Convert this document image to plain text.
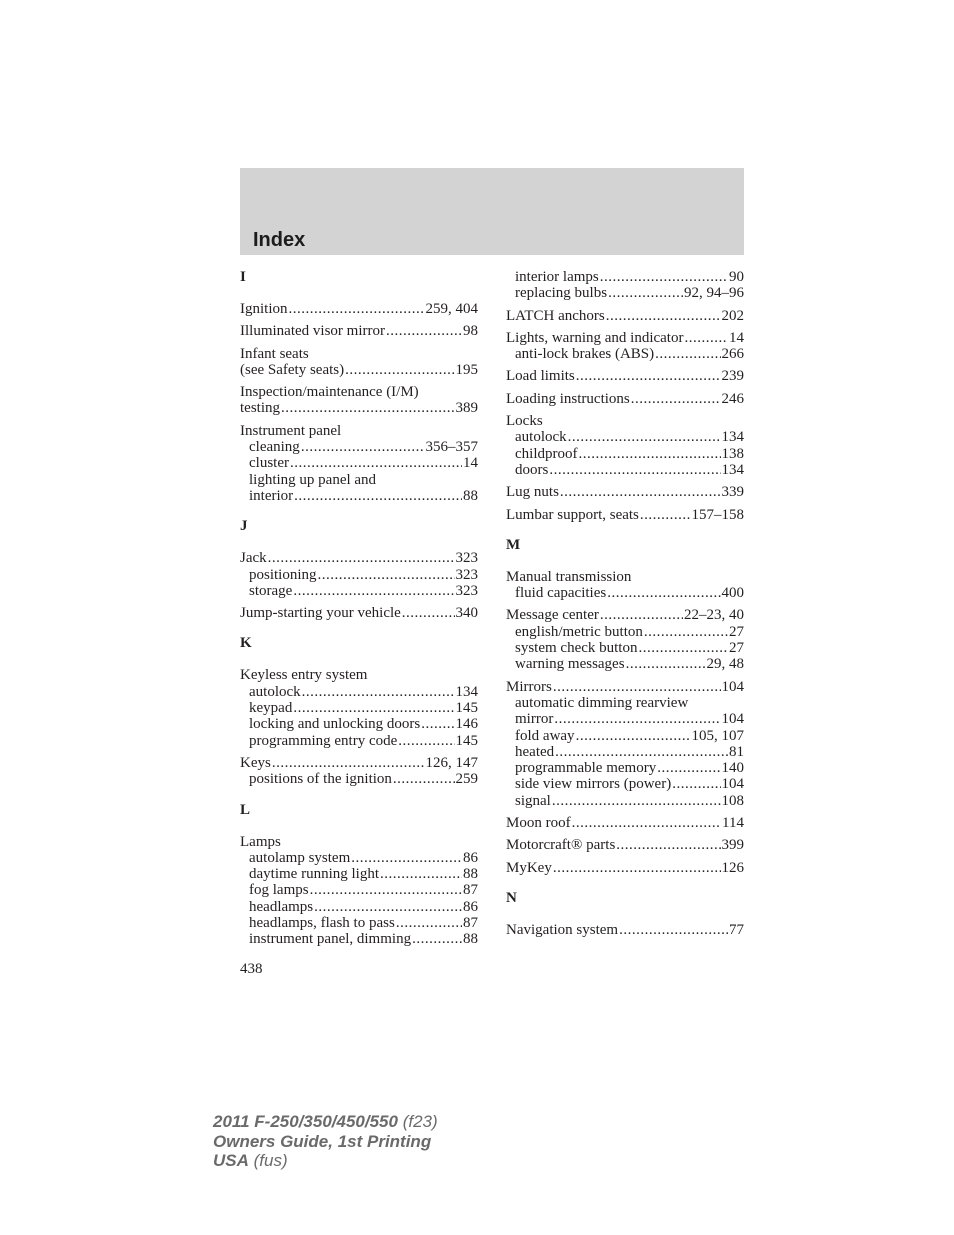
Index
I
Ignition .....	259, 404
Illuminated visor mirror .....	98
Infant seats
(see Safety seats) .....	195
Inspection/maintenance (I/M)
testing .....	389
Instrument panel
cleaning .....	356–357
cluster .....	14
lighting up panel and
interior .....	88
J
Jack .....	323
positioning .....	323
storage .....	323
Jump-starting your vehicle .....	340
K
Keyless entry system
autolock .....	134
keypad .....	145
locking and unlocking doors ..... 146
programming entry code .....	145
Keys .....	126, 147
positions of the ignition .....	259
L
Lamps
autolamp system .....	86
daytime running light .....	88
fog lamps .....	87
headlamps .....	86
headlamps, flash to pass .....	87
instrument panel, dimming .....	88
interior lamps .....	90
replacing bulbs .....	92, 94–96
LATCH anchors .....	202
Lights, warning and indicator .....	14
anti-lock brakes (ABS) .....	266
Load limits .....	239
Loading instructions .....	246
Locks
autolock .....	134
childproof .....	138
doors .....	134
Lug nuts .....	339
Lumbar support, seats .....	157–158
M
Manual transmission
fluid capacities .....	400
Message center .....	22–23, 40
english/metric button .....	27
system check button .....	27
warning messages .....	29, 48
Mirrors .....	104
automatic dimming rearview
mirror .....	104
fold away .....	105, 107
heated .....	81
programmable memory .....	140
side view mirrors (power) .....	104
signal .....	108
Moon roof .....	114
Motorcraft® parts .....	399
MyKey .....	126
N
Navigation system .....	77
438
2011 F-250/350/450/550 (f23)
Owners Guide, 1st Printing
USA (fus)
